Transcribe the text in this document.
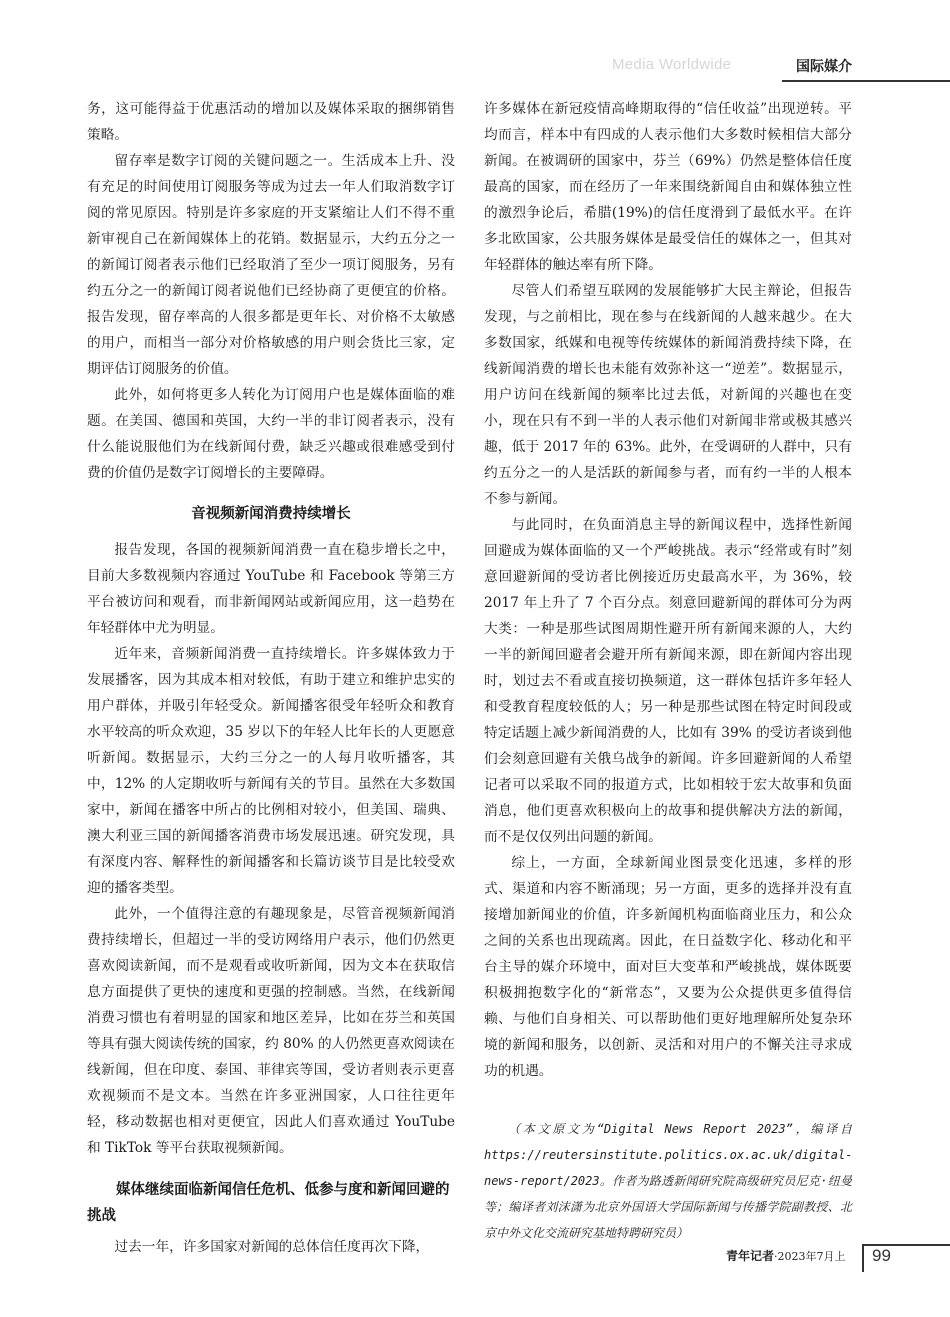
Media Worldwide	国际媒介

务，这可能得益于优惠活动的增加以及媒体采取的捆绑销售策略。

留存率是数字订阅的关键问题之一。生活成本上升、没有充足的时间使用订阅服务等成为过去一年人们取消数字订阅的常见原因。特别是许多家庭的开支紧缩让人们不得不重新审视自己在新闻媒体上的花销。数据显示，大约五分之一的新闻订阅者表示他们已经取消了至少一项订阅服务，另有约五分之一的新闻订阅者说他们已经协商了更便宜的价格。报告发现，留存率高的人很多都是更年长、对价格不太敏感的用户，而相当一部分对价格敏感的用户则会货比三家，定期评估订阅服务的价值。

此外，如何将更多人转化为订阅用户也是媒体面临的难题。在美国、德国和英国，大约一半的非订阅者表示，没有什么能说服他们为在线新闻付费，缺乏兴趣或很难感受到付费的价值仍是数字订阅增长的主要障碍。

音视频新闻消费持续增长

报告发现，各国的视频新闻消费一直在稳步增长之中，目前大多数视频内容通过 YouTube 和 Facebook 等第三方平台被访问和观看，而非新闻网站或新闻应用，这一趋势在年轻群体中尤为明显。

近年来，音频新闻消费一直持续增长。许多媒体致力于发展播客，因为其成本相对较低，有助于建立和维护忠实的用户群体，并吸引年轻受众。新闻播客很受年轻听众和教育水平较高的听众欢迎，35 岁以下的年轻人比年长的人更愿意听新闻。数据显示，大约三分之一的人每月收听播客，其中，12% 的人定期收听与新闻有关的节目。虽然在大多数国家中，新闻在播客中所占的比例相对较小，但美国、瑞典、澳大利亚三国的新闻播客消费市场发展迅速。研究发现，具有深度内容、解释性的新闻播客和长篇访谈节目是比较受欢迎的播客类型。

此外，一个值得注意的有趣现象是，尽管音视频新闻消费持续增长，但超过一半的受访网络用户表示，他们仍然更喜欢阅读新闻，而不是观看或收听新闻，因为文本在获取信息方面提供了更快的速度和更强的控制感。当然，在线新闻消费习惯也有着明显的国家和地区差异，比如在芬兰和英国等具有强大阅读传统的国家，约 80% 的人仍然更喜欢阅读在线新闻，但在印度、泰国、菲律宾等国，受访者则表示更喜欢视频而不是文本。当然在许多亚洲国家，人口往往更年轻，移动数据也相对更便宜，因此人们喜欢通过 YouTube 和 TikTok 等平台获取视频新闻。

媒体继续面临新闻信任危机、低参与度和新闻回避的挑战

过去一年，许多国家对新闻的总体信任度再次下降，

许多媒体在新冠疫情高峰期取得的“信任收益”出现逆转。平均而言，样本中有四成的人表示他们大多数时候相信大部分新闻。在被调研的国家中，芬兰（69%）仍然是整体信任度最高的国家，而在经历了一年来围绕新闻自由和媒体独立性的激烈争论后，希腊(19%)的信任度滑到了最低水平。在许多北欧国家，公共服务媒体是最受信任的媒体之一，但其对年轻群体的触达率有所下降。

尽管人们希望互联网的发展能够扩大民主辩论，但报告发现，与之前相比，现在参与在线新闻的人越来越少。在大多数国家，纸媒和电视等传统媒体的新闻消费持续下降，在线新闻消费的增长也未能有效弥补这一“逆差”。数据显示，用户访问在线新闻的频率比过去低，对新闻的兴趣也在变小，现在只有不到一半的人表示他们对新闻非常或极其感兴趣，低于 2017 年的 63%。此外，在受调研的人群中，只有约五分之一的人是活跃的新闻参与者，而有约一半的人根本不参与新闻。

与此同时，在负面消息主导的新闻议程中，选择性新闻回避成为媒体面临的又一个严峻挑战。表示“经常或有时”刻意回避新闻的受访者比例接近历史最高水平，为 36%，较 2017 年上升了 7 个百分点。刻意回避新闻的群体可分为两大类：一种是那些试图周期性避开所有新闻来源的人，大约一半的新闻回避者会避开所有新闻来源，即在新闻内容出现时，划过去不看或直接切换频道，这一群体包括许多年轻人和受教育程度较低的人；另一种是那些试图在特定时间段或特定话题上减少新闻消费的人，比如有 39% 的受访者谈到他们会刻意回避有关俄乌战争的新闻。许多回避新闻的人希望记者可以采取不同的报道方式，比如相较于宏大故事和负面消息，他们更喜欢积极向上的故事和提供解决方法的新闻，而不是仅仅列出问题的新闻。

综上，一方面，全球新闻业图景变化迅速，多样的形式、渠道和内容不断涌现；另一方面，更多的选择并没有直接增加新闻业的价值，许多新闻机构面临商业压力，和公众之间的关系也出现疏离。因此，在日益数字化、移动化和平台主导的媒介环境中，面对巨大变革和严峻挑战，媒体既要积极拥抱数字化的“新常态”，又要为公众提供更多值得信赖、与他们自身相关、可以帮助他们更好地理解所处复杂环境的新闻和服务，以创新、灵活和对用户的不懈关注寻求成功的机遇。

（本文原文为“Digital News Report 2023”，编译自 https://reutersinstitute.politics.ox.ac.uk/digital-news-report/2023。作者为路透新闻研究院高级研究员尼克·纽曼等；编译者刘沫潇为北京外国语大学国际新闻与传播学院副教授、北京中外文化交流研究基地特聘研究员）
青年记者·2023年7月上 99
